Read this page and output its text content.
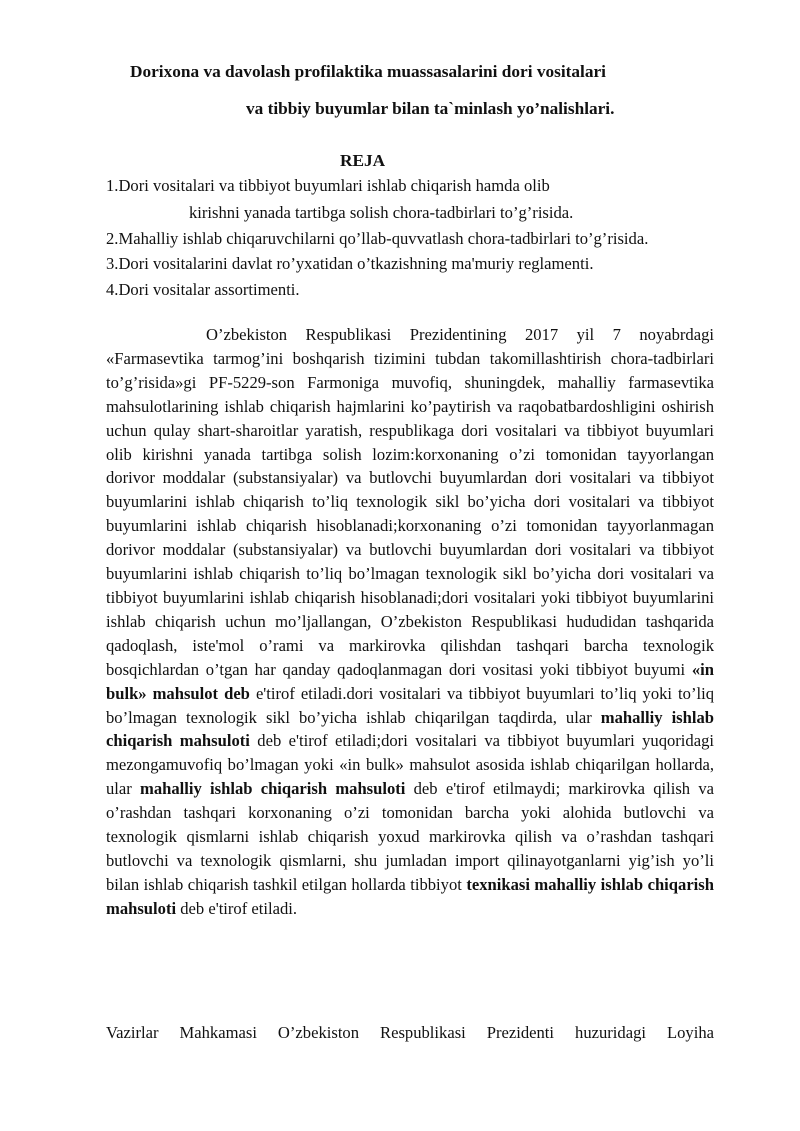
Dorixona va davolash profilaktika muassasalarini dori vositalari
va tibbiy buyumlar bilan ta`minlash yo’nalishlari.
REJA
1.Dori vositalari va tibbiyot buyumlari ishlab chiqarish hamda olib
kirishni yanada tartibga solish chora-tadbirlari to’g’risida.
2.Mahalliy ishlab chiqaruvchilarni qo’llab-quvvatlash chora-tadbirlari to’g’risida.
3.Dori vositalarini davlat ro’yxatidan o’tkazishning ma'muriy reglamenti.
4.Dori vositalar assortimenti.

O’zbekiston Respublikasi Prezidentining 2017 yil 7 noyabrdagi «Farmasevtika tarmog’ini boshqarish tizimini tubdan takomillashtirish chora-tadbirlari to’g’risida»gi PF-5229-son Farmoniga muvofiq, shuningdek, mahalliy farmasevtika mahsulotlarining ishlab chiqarish hajmlarini ko’paytirish va raqobatbardoshligini oshirish uchun qulay shart-sharoitlar yaratish, respublikaga dori vositalari va tibbiyot buyumlari olib kirishni yanada tartibga solish lozim:korxonaning o’zi tomonidan tayyorlangan dorivor moddalar (substansiyalar) va butlovchi buyumlardan dori vositalari va tibbiyot buyumlarini ishlab chiqarish to’liq texnologik sikl bo’yicha dori vositalari va tibbiyot buyumlarini ishlab chiqarish hisoblanadi;korxonaning o’zi tomonidan tayyorlanmagan dorivor moddalar (substansiyalar) va butlovchi buyumlardan dori vositalari va tibbiyot buyumlarini ishlab chiqarish to’liq bo’lmagan texnologik sikl bo’yicha dori vositalari va tibbiyot buyumlarini ishlab chiqarish hisoblanadi;dori vositalari yoki tibbiyot buyumlarini ishlab chiqarish uchun mo’ljallangan, O’zbekiston Respublikasi hududidan tashqarida qadoqlash, iste'mol o’rami va markirovka qilishdan tashqari barcha texnologik bosqichlardan o’tgan har qanday qadoqlanmagan dori vositasi yoki tibbiyot buyumi «in bulk» mahsulot deb e'tirof etiladi.dori vositalari va tibbiyot buyumlari to’liq yoki to’liq bo’lmagan texnologik sikl bo’yicha ishlab chiqarilgan taqdirda, ular mahalliy ishlab chiqarish mahsuloti deb e'tirof etiladi;dori vositalari va tibbiyot buyumlari yuqoridagi mezongamuvofiq bo’lmagan yoki «in bulk» mahsulot asosida ishlab chiqarilgan hollarda, ular mahalliy ishlab chiqarish mahsuloti deb e'tirof etilmaydi; markirovka qilish va o’rashdan tashqari korxonaning o’zi tomonidan barcha yoki alohida butlovchi va texnologik qismlarni ishlab chiqarish yoxud markirovka qilish va o’rashdan tashqari butlovchi va texnologik qismlarni, shu jumladan import qilinayotganlarni yig’ish yo’li bilan ishlab chiqarish tashkil etilgan hollarda tibbiyot texnikasi mahalliy ishlab chiqarish mahsuloti deb e'tirof etiladi.

Vazirlar Mahkamasi O’zbekiston Respublikasi Prezidenti huzuridagi Loyiha
